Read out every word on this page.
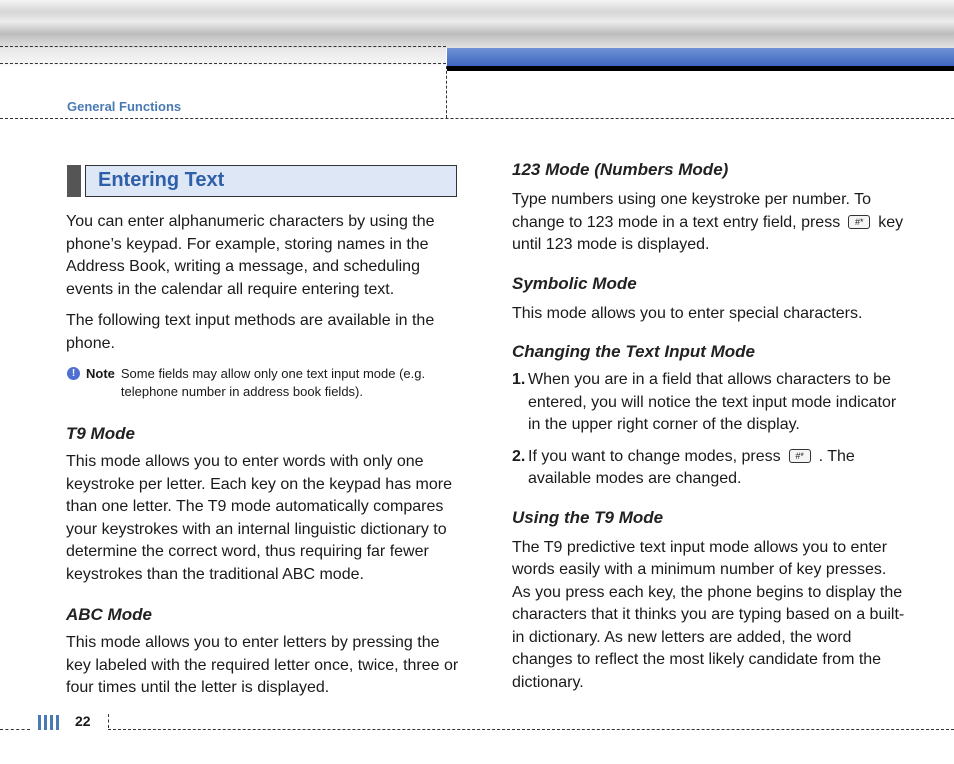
General Functions
Entering Text

You can enter alphanumeric characters by using the phone’s keypad. For example, storing names in the Address Book, writing a message, and scheduling events in the calendar all require entering text.

The following text input methods are available in the phone.

! Note Some fields may allow only one text input mode (e.g. telephone number in address book fields).
T9 Mode

This mode allows you to enter words with only one keystroke per letter. Each key on the keypad has more than one letter. The T9 mode automatically compares your keystrokes with an internal linguistic dictionary to determine the correct word, thus requiring far fewer keystrokes than the traditional ABC mode.

ABC Mode

This mode allows you to enter letters by pressing the key labeled with the required letter once, twice, three or four times until the letter is displayed.

123 Mode (Numbers Mode)

Type numbers using one keystroke per number. To change to 123 mode in a text entry field, press #* key until 123 mode is displayed.

Symbolic Mode

This mode allows you to enter special characters.

Changing the Text Input Mode
1. When you are in a field that allows characters to be entered, you will notice the text input mode indicator in the upper right corner of the display.
2. If you want to change modes, press #* . The available modes are changed.
Using the T9 Mode

The T9 predictive text input mode allows you to enter words easily with a minimum number of key presses. As you press each key, the phone begins to display the characters that it thinks you are typing based on a built-in dictionary. As new letters are added, the word changes to reflect the most likely candidate from the dictionary.

22
